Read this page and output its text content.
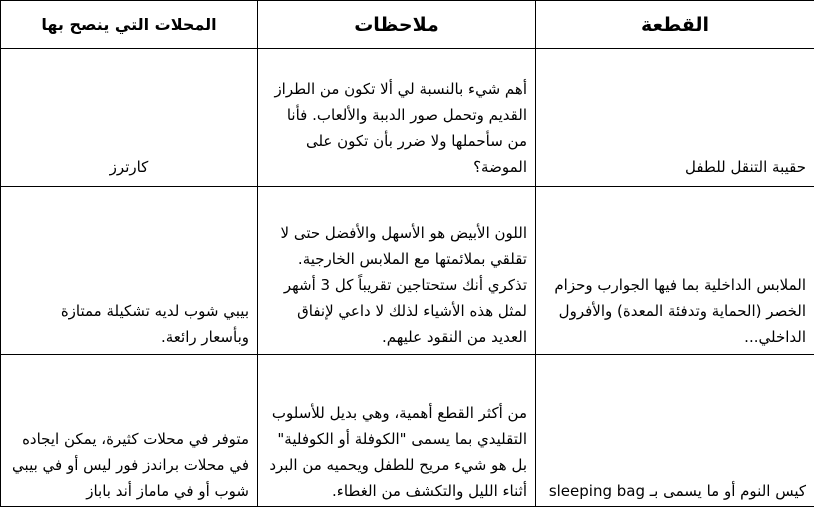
القطعة	ملاحظات	المحلات التي ينصح بها
حقيبة التنقل للطفل	أهم شيء بالنسبة لي ألا تكون من الطراز القديم وتحمل صور الدببة والألعاب. فأنا من سأحملها ولا ضرر بأن تكون على الموضة؟	كارترز
الملابس الداخلية بما فيها الجوارب وحزام الخصر (الحماية وتدفئة المعدة) والأفرول الداخلي...	اللون الأبيض هو الأسهل والأفضل حتى لا تقلقي بملائمتها مع الملابس الخارجية. تذكري أنك ستحتاجين تقريباً كل 3 أشهر لمثل هذه الأشياء لذلك لا داعي لإنفاق العديد من النقود عليهم.	بيبي شوب لديه تشكيلة ممتازة وبأسعار رائعة.
كيس النوم أو ما يسمى بـ sleeping bag	من أكثر القطع أهمية، وهي بديل للأسلوب التقليدي بما يسمى "الكوفلة أو الكوفلية" بل هو شيء مريح للطفل ويحميه من البرد أثناء الليل والتكشف من الغطاء.	متوفر في محلات كثيرة، يمكن ايجاده في محلات براندز فور ليس أو في بيبي شوب أو في ماماز أند باباز
